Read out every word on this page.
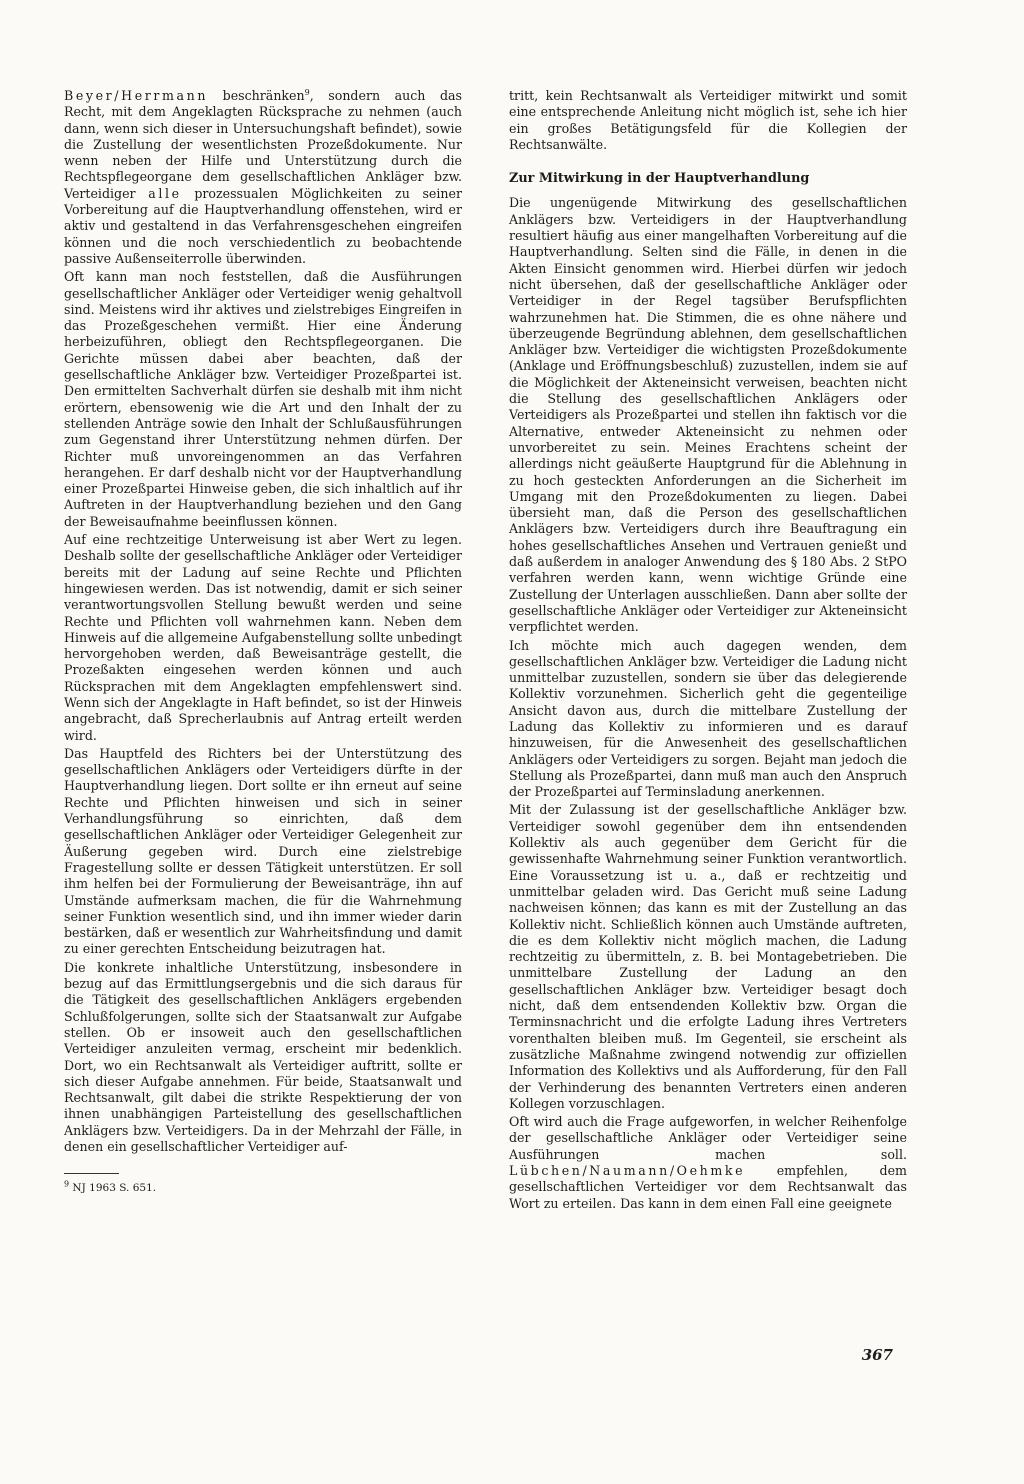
Beyer/Herrmann beschränken$^9$, sondern auch das Recht, mit dem Angeklagten Rücksprache zu nehmen (auch dann, wenn sich dieser in Untersuchungshaft befindet), sowie die Zustellung der wesentlichsten Prozeßdokumente. Nur wenn neben der Hilfe und Unterstützung durch die Rechtspflegeorgane dem gesellschaftlichen Ankläger bzw. Verteidiger alle prozessualen Möglichkeiten zu seiner Vorbereitung auf die Hauptverhandlung offenstehen, wird er aktiv und gestaltend in das Verfahrensgeschehen eingreifen können und die noch verschiedentlich zu beobachtende passive Außenseiterrolle überwinden.

Oft kann man noch feststellen, daß die Ausführungen gesellschaftlicher Ankläger oder Verteidiger wenig gehaltvoll sind. Meistens wird ihr aktives und zielstrebiges Eingreifen in das Prozeßgeschehen vermißt. Hier eine Änderung herbeizuführen, obliegt den Rechtspflegeorganen. Die Gerichte müssen dabei aber beachten, daß der gesellschaftliche Ankläger bzw. Verteidiger Prozeßpartei ist. Den ermittelten Sachverhalt dürfen sie deshalb mit ihm nicht erörtern, ebensowenig wie die Art und den Inhalt der zu stellenden Anträge sowie den Inhalt der Schlußausführungen zum Gegenstand ihrer Unterstützung nehmen dürfen. Der Richter muß unvoreingenommen an das Verfahren herangehen. Er darf deshalb nicht vor der Hauptverhandlung einer Prozeßpartei Hinweise geben, die sich inhaltlich auf ihr Auftreten in der Hauptverhandlung beziehen und den Gang der Beweisaufnahme beeinflussen können.

Auf eine rechtzeitige Unterweisung ist aber Wert zu legen. Deshalb sollte der gesellschaftliche Ankläger oder Verteidiger bereits mit der Ladung auf seine Rechte und Pflichten hingewiesen werden. Das ist notwendig, damit er sich seiner verantwortungsvollen Stellung bewußt werden und seine Rechte und Pflichten voll wahrnehmen kann. Neben dem Hinweis auf die allgemeine Aufgabenstellung sollte unbedingt hervorgehoben werden, daß Beweisanträge gestellt, die Prozeßakten eingesehen werden können und auch Rücksprachen mit dem Angeklagten empfehlenswert sind. Wenn sich der Angeklagte in Haft befindet, so ist der Hinweis angebracht, daß Sprecherlaubnis auf Antrag erteilt werden wird.

Das Hauptfeld des Richters bei der Unterstützung des gesellschaftlichen Anklägers oder Verteidigers dürfte in der Hauptverhandlung liegen. Dort sollte er ihn erneut auf seine Rechte und Pflichten hinweisen und sich in seiner Verhandlungsführung so einrichten, daß dem gesellschaftlichen Ankläger oder Verteidiger Gelegenheit zur Äußerung gegeben wird. Durch eine zielstrebige Fragestellung sollte er dessen Tätigkeit unterstützen. Er soll ihm helfen bei der Formulierung der Beweisanträge, ihn auf Umstände aufmerksam machen, die für die Wahrnehmung seiner Funktion wesentlich sind, und ihn immer wieder darin bestärken, daß er wesentlich zur Wahrheitsfindung und damit zu einer gerechten Entscheidung beizutragen hat.

Die konkrete inhaltliche Unterstützung, insbesondere in bezug auf das Ermittlungsergebnis und die sich daraus für die Tätigkeit des gesellschaftlichen Anklägers ergebenden Schlußfolgerungen, sollte sich der Staatsanwalt zur Aufgabe stellen. Ob er insoweit auch den gesellschaftlichen Verteidiger anzuleiten vermag, erscheint mir bedenklich. Dort, wo ein Rechtsanwalt als Verteidiger auftritt, sollte er sich dieser Aufgabe annehmen. Für beide, Staatsanwalt und Rechtsanwalt, gilt dabei die strikte Respektierung der von ihnen unabhängigen Parteistellung des gesellschaftlichen Anklägers bzw. Verteidigers. Da in der Mehrzahl der Fälle, in denen ein gesellschaftlicher Verteidiger auf-

$^9$ NJ 1963 S. 651.

tritt, kein Rechtsanwalt als Verteidiger mitwirkt und somit eine entsprechende Anleitung nicht möglich ist, sehe ich hier ein großes Betätigungsfeld für die Kollegien der Rechtsanwälte.

Zur Mitwirkung in der Hauptverhandlung

Die ungenügende Mitwirkung des gesellschaftlichen Anklägers bzw. Verteidigers in der Hauptverhandlung resultiert häufig aus einer mangelhaften Vorbereitung auf die Hauptverhandlung. Selten sind die Fälle, in denen in die Akten Einsicht genommen wird. Hierbei dürfen wir jedoch nicht übersehen, daß der gesellschaftliche Ankläger oder Verteidiger in der Regel tagsüber Berufspflichten wahrzunehmen hat. Die Stimmen, die es ohne nähere und überzeugende Begründung ablehnen, dem gesellschaftlichen Ankläger bzw. Verteidiger die wichtigsten Prozeßdokumente (Anklage und Eröffnungsbeschluß) zuzustellen, indem sie auf die Möglichkeit der Akteneinsicht verweisen, beachten nicht die Stellung des gesellschaftlichen Anklägers oder Verteidigers als Prozeßpartei und stellen ihn faktisch vor die Alternative, entweder Akteneinsicht zu nehmen oder unvorbereitet zu sein. Meines Erachtens scheint der allerdings nicht geäußerte Hauptgrund für die Ablehnung in zu hoch gesteckten Anforderungen an die Sicherheit im Umgang mit den Prozeßdokumenten zu liegen. Dabei übersieht man, daß die Person des gesellschaftlichen Anklägers bzw. Verteidigers durch ihre Beauftragung ein hohes gesellschaftliches Ansehen und Vertrauen genießt und daß außerdem in analoger Anwendung des § 180 Abs. 2 StPO verfahren werden kann, wenn wichtige Gründe eine Zustellung der Unterlagen ausschließen. Dann aber sollte der gesellschaftliche Ankläger oder Verteidiger zur Akteneinsicht verpflichtet werden.

Ich möchte mich auch dagegen wenden, dem gesellschaftlichen Ankläger bzw. Verteidiger die Ladung nicht unmittelbar zuzustellen, sondern sie über das delegierende Kollektiv vorzunehmen. Sicherlich geht die gegenteilige Ansicht davon aus, durch die mittelbare Zustellung der Ladung das Kollektiv zu informieren und es darauf hinzuweisen, für die Anwesenheit des gesellschaftlichen Anklägers oder Verteidigers zu sorgen. Bejaht man jedoch die Stellung als Prozeßpartei, dann muß man auch den Anspruch der Prozeßpartei auf Terminsladung anerkennen.

Mit der Zulassung ist der gesellschaftliche Ankläger bzw. Verteidiger sowohl gegenüber dem ihn entsendenden Kollektiv als auch gegenüber dem Gericht für die gewissenhafte Wahrnehmung seiner Funktion verantwortlich. Eine Voraussetzung ist u. a., daß er rechtzeitig und unmittelbar geladen wird. Das Gericht muß seine Ladung nachweisen können; das kann es mit der Zustellung an das Kollektiv nicht. Schließlich können auch Umstände auftreten, die es dem Kollektiv nicht möglich machen, die Ladung rechtzeitig zu übermitteln, z. B. bei Montagebetrieben. Die unmittelbare Zustellung der Ladung an den gesellschaftlichen Ankläger bzw. Verteidiger besagt doch nicht, daß dem entsendenden Kollektiv bzw. Organ die Terminsnachricht und die erfolgte Ladung ihres Vertreters vorenthalten bleiben muß. Im Gegenteil, sie erscheint als zusätzliche Maßnahme zwingend notwendig zur offiziellen Information des Kollektivs und als Aufforderung, für den Fall der Verhinderung des benannten Vertreters einen anderen Kollegen vorzuschlagen.

Oft wird auch die Frage aufgeworfen, in welcher Reihenfolge der gesellschaftliche Ankläger oder Verteidiger seine Ausführungen machen soll. Lübchen/Naumann/Oehmke empfehlen, dem gesellschaftlichen Verteidiger vor dem Rechtsanwalt das Wort zu erteilen. Das kann in dem einen Fall eine geeignete

367
